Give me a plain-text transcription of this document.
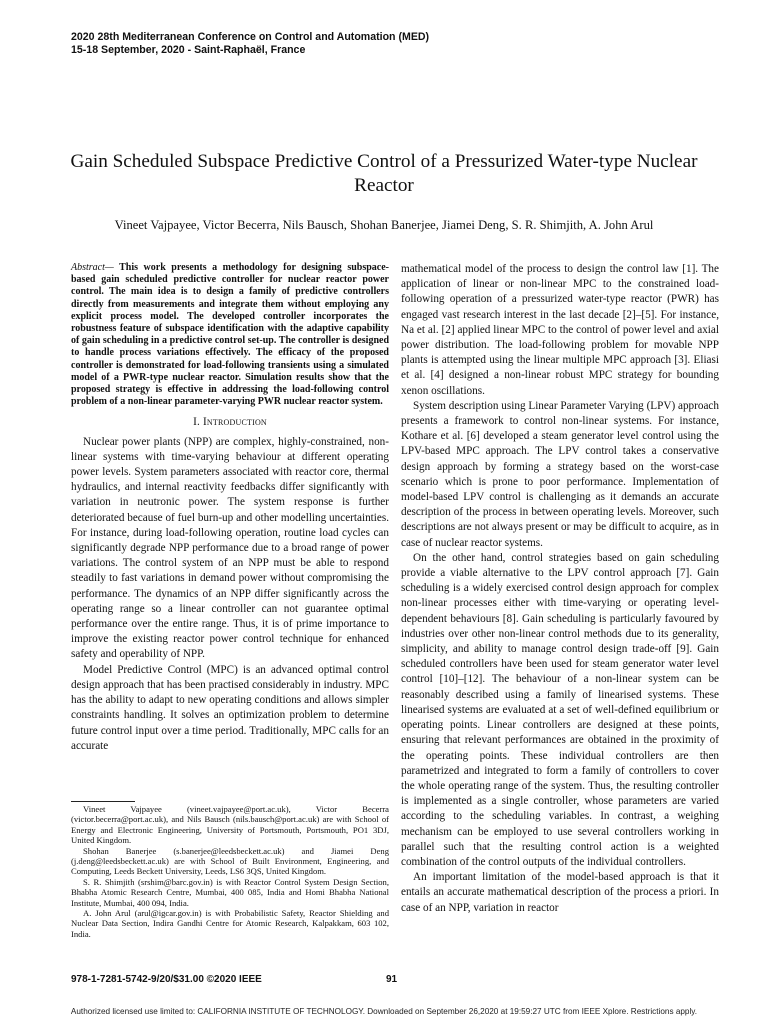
2020 28th Mediterranean Conference on Control and Automation (MED)
15-18 September, 2020 - Saint-Raphaël, France
Gain Scheduled Subspace Predictive Control of a Pressurized Water-type Nuclear Reactor
Vineet Vajpayee, Victor Becerra, Nils Bausch, Shohan Banerjee, Jiamei Deng, S. R. Shimjith, A. John Arul

Abstract— This work presents a methodology for designing subspace-based gain scheduled predictive controller for nuclear reactor power control. The main idea is to design a family of predictive controllers directly from measurements and integrate them without employing any explicit process model. The developed controller incorporates the robustness feature of subspace identification with the adaptive capability of gain scheduling in a predictive control set-up. The controller is designed to handle process variations effectively. The efficacy of the proposed controller is demonstrated for load-following transients using a simulated model of a PWR-type nuclear reactor. Simulation results show that the proposed strategy is effective in addressing the load-following control problem of a non-linear parameter-varying PWR nuclear reactor system.

I. Introduction

Nuclear power plants (NPP) are complex, highly-constrained, non-linear systems with time-varying behaviour at different operating power levels. System parameters associated with reactor core, thermal hydraulics, and internal reactivity feedbacks differ significantly with variation in neutronic power. The system response is further deteriorated because of fuel burn-up and other modelling uncertainties. For instance, during load-following operation, routine load cycles can significantly degrade NPP performance due to a broad range of power variations. The control system of an NPP must be able to respond steadily to fast variations in demand power without compromising the performance. The dynamics of an NPP differ significantly across the operating range so a linear controller can not guarantee optimal performance over the entire range. Thus, it is of prime importance to improve the existing reactor power control technique for enhanced safety and operability of NPP.

Model Predictive Control (MPC) is an advanced optimal control design approach that has been practised considerably in industry. MPC has the ability to adapt to new operating conditions and allows simpler constraints handling. It solves an optimization problem to determine future control input over a time period. Traditionally, MPC calls for an accurate

Vineet Vajpayee (vineet.vajpayee@port.ac.uk), Victor Becerra (victor.becerra@port.ac.uk), and Nils Bausch (nils.bausch@port.ac.uk) are with School of Energy and Electronic Engineering, University of Portsmouth, Portsmouth, PO1 3DJ, United Kingdom.

Shohan Banerjee (s.banerjee@leedsbeckett.ac.uk) and Jiamei Deng (j.deng@leedsbeckett.ac.uk) are with School of Built Environment, Engineering, and Computing, Leeds Beckett University, Leeds, LS6 3QS, United Kingdom.

S. R. Shimjith (srshim@barc.gov.in) is with Reactor Control System Design Section, Bhabha Atomic Research Centre, Mumbai, 400 085, India and Homi Bhabha National Institute, Mumbai, 400 094, India.

A. John Arul (arul@igcar.gov.in) is with Probabilistic Safety, Reactor Shielding and Nuclear Data Section, Indira Gandhi Centre for Atomic Research, Kalpakkam, 603 102, India.

mathematical model of the process to design the control law [1]. The application of linear or non-linear MPC to the constrained load-following operation of a pressurized water-type reactor (PWR) has engaged vast research interest in the last decade [2]–[5]. For instance, Na et al. [2] applied linear MPC to the control of power level and axial power distribution. The load-following problem for movable NPP plants is attempted using the linear multiple MPC approach [3]. Eliasi et al. [4] designed a non-linear robust MPC strategy for bounding xenon oscillations.

System description using Linear Parameter Varying (LPV) approach presents a framework to control non-linear systems. For instance, Kothare et al. [6] developed a steam generator level control using the LPV-based MPC approach. The LPV control takes a conservative design approach by forming a strategy based on the worst-case scenario which is prone to poor performance. Implementation of model-based LPV control is challenging as it demands an accurate description of the process in between operating levels. Moreover, such descriptions are not always present or may be difficult to acquire, as in case of nuclear reactor systems.

On the other hand, control strategies based on gain scheduling provide a viable alternative to the LPV control approach [7]. Gain scheduling is a widely exercised control design approach for complex non-linear processes either with time-varying or operating level-dependent behaviours [8]. Gain scheduling is particularly favoured by industries over other non-linear control methods due to its generality, simplicity, and ability to manage control design trade-off [9]. Gain scheduled controllers have been used for steam generator water level control [10]–[12]. The behaviour of a non-linear system can be reasonably described using a family of linearised systems. These linearised systems are evaluated at a set of well-defined equilibrium or operating points. Linear controllers are designed at these points, ensuring that relevant performances are obtained in the proximity of the operating points. These individual controllers are then parametrized and integrated to form a family of controllers to cover the whole operating range of the system. Thus, the resulting controller is implemented as a single controller, whose parameters are varied according to the scheduling variables. In contrast, a weighing mechanism can be employed to use several controllers working in parallel such that the resulting control action is a weighted combination of the control outputs of the individual controllers.

An important limitation of the model-based approach is that it entails an accurate mathematical description of the process a priori. In case of an NPP, variation in reactor

978-1-7281-5742-9/20/$31.00 ©2020 IEEE	91
Authorized licensed use limited to: CALIFORNIA INSTITUTE OF TECHNOLOGY. Downloaded on September 26,2020 at 19:59:27 UTC from IEEE Xplore. Restrictions apply.
